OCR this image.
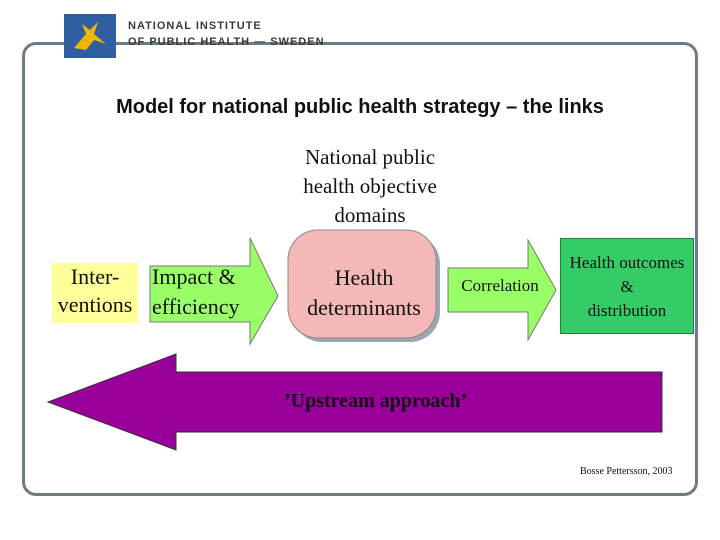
NATIONAL INSTITUTE
OF PUBLIC HEALTH — SWEDEN
Model for national public health strategy – the links
National public
health objective
domains
Inter-
ventions
Impact &
efficiency
Health
determinants
Correlation
Health outcomes
&
distribution
’Upstream approach’
Bosse Pettersson, 2003
